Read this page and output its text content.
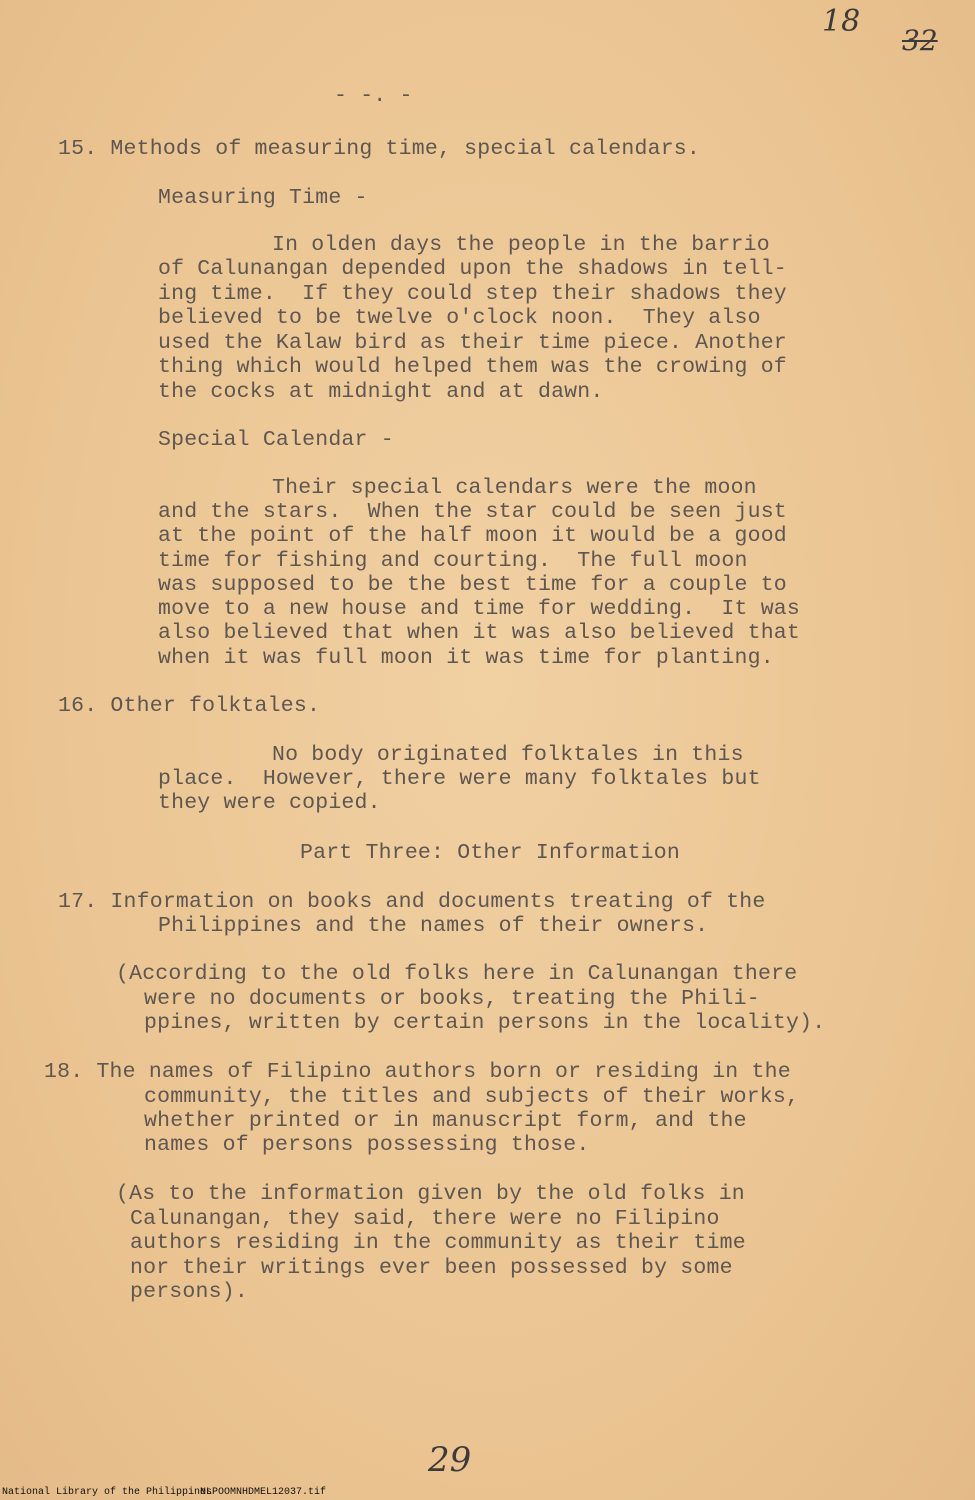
18
32
- -. -
15. Methods of measuring time, special calendars.
Measuring Time -
In olden days the people in the barrio
of Calunangan depended upon the shadows in tell-
ing time.  If they could step their shadows they
believed to be twelve o'clock noon.  They also
used the Kalaw bird as their time piece. Another
thing which would helped them was the crowing of
the cocks at midnight and at dawn.
Special Calendar -
Their special calendars were the moon
and the stars.  When the star could be seen just
at the point of the half moon it would be a good
time for fishing and courting.  The full moon
was supposed to be the best time for a couple to
move to a new house and time for wedding.  It was
also believed that when it was also believed that
when it was full moon it was time for planting.
16. Other folktales.
No body originated folktales in this
place.  However, there were many folktales but
they were copied.
Part Three: Other Information
17. Information on books and documents treating of the
Philippines and the names of their owners.
(According to the old folks here in Calunangan there
were no documents or books, treating the Phili-
ppines, written by certain persons in the locality).
18. The names of Filipino authors born or residing in the
community, the titles and subjects of their works,
whether printed or in manuscript form, and the
names of persons possessing those.
(As to the information given by the old folks in
Calunangan, they said, there were no Filipino
authors residing in the community as their time
nor their writings ever been possessed by some
persons).
29
National Library of the Philippines
NLPOOMNHDMEL12037.tif
